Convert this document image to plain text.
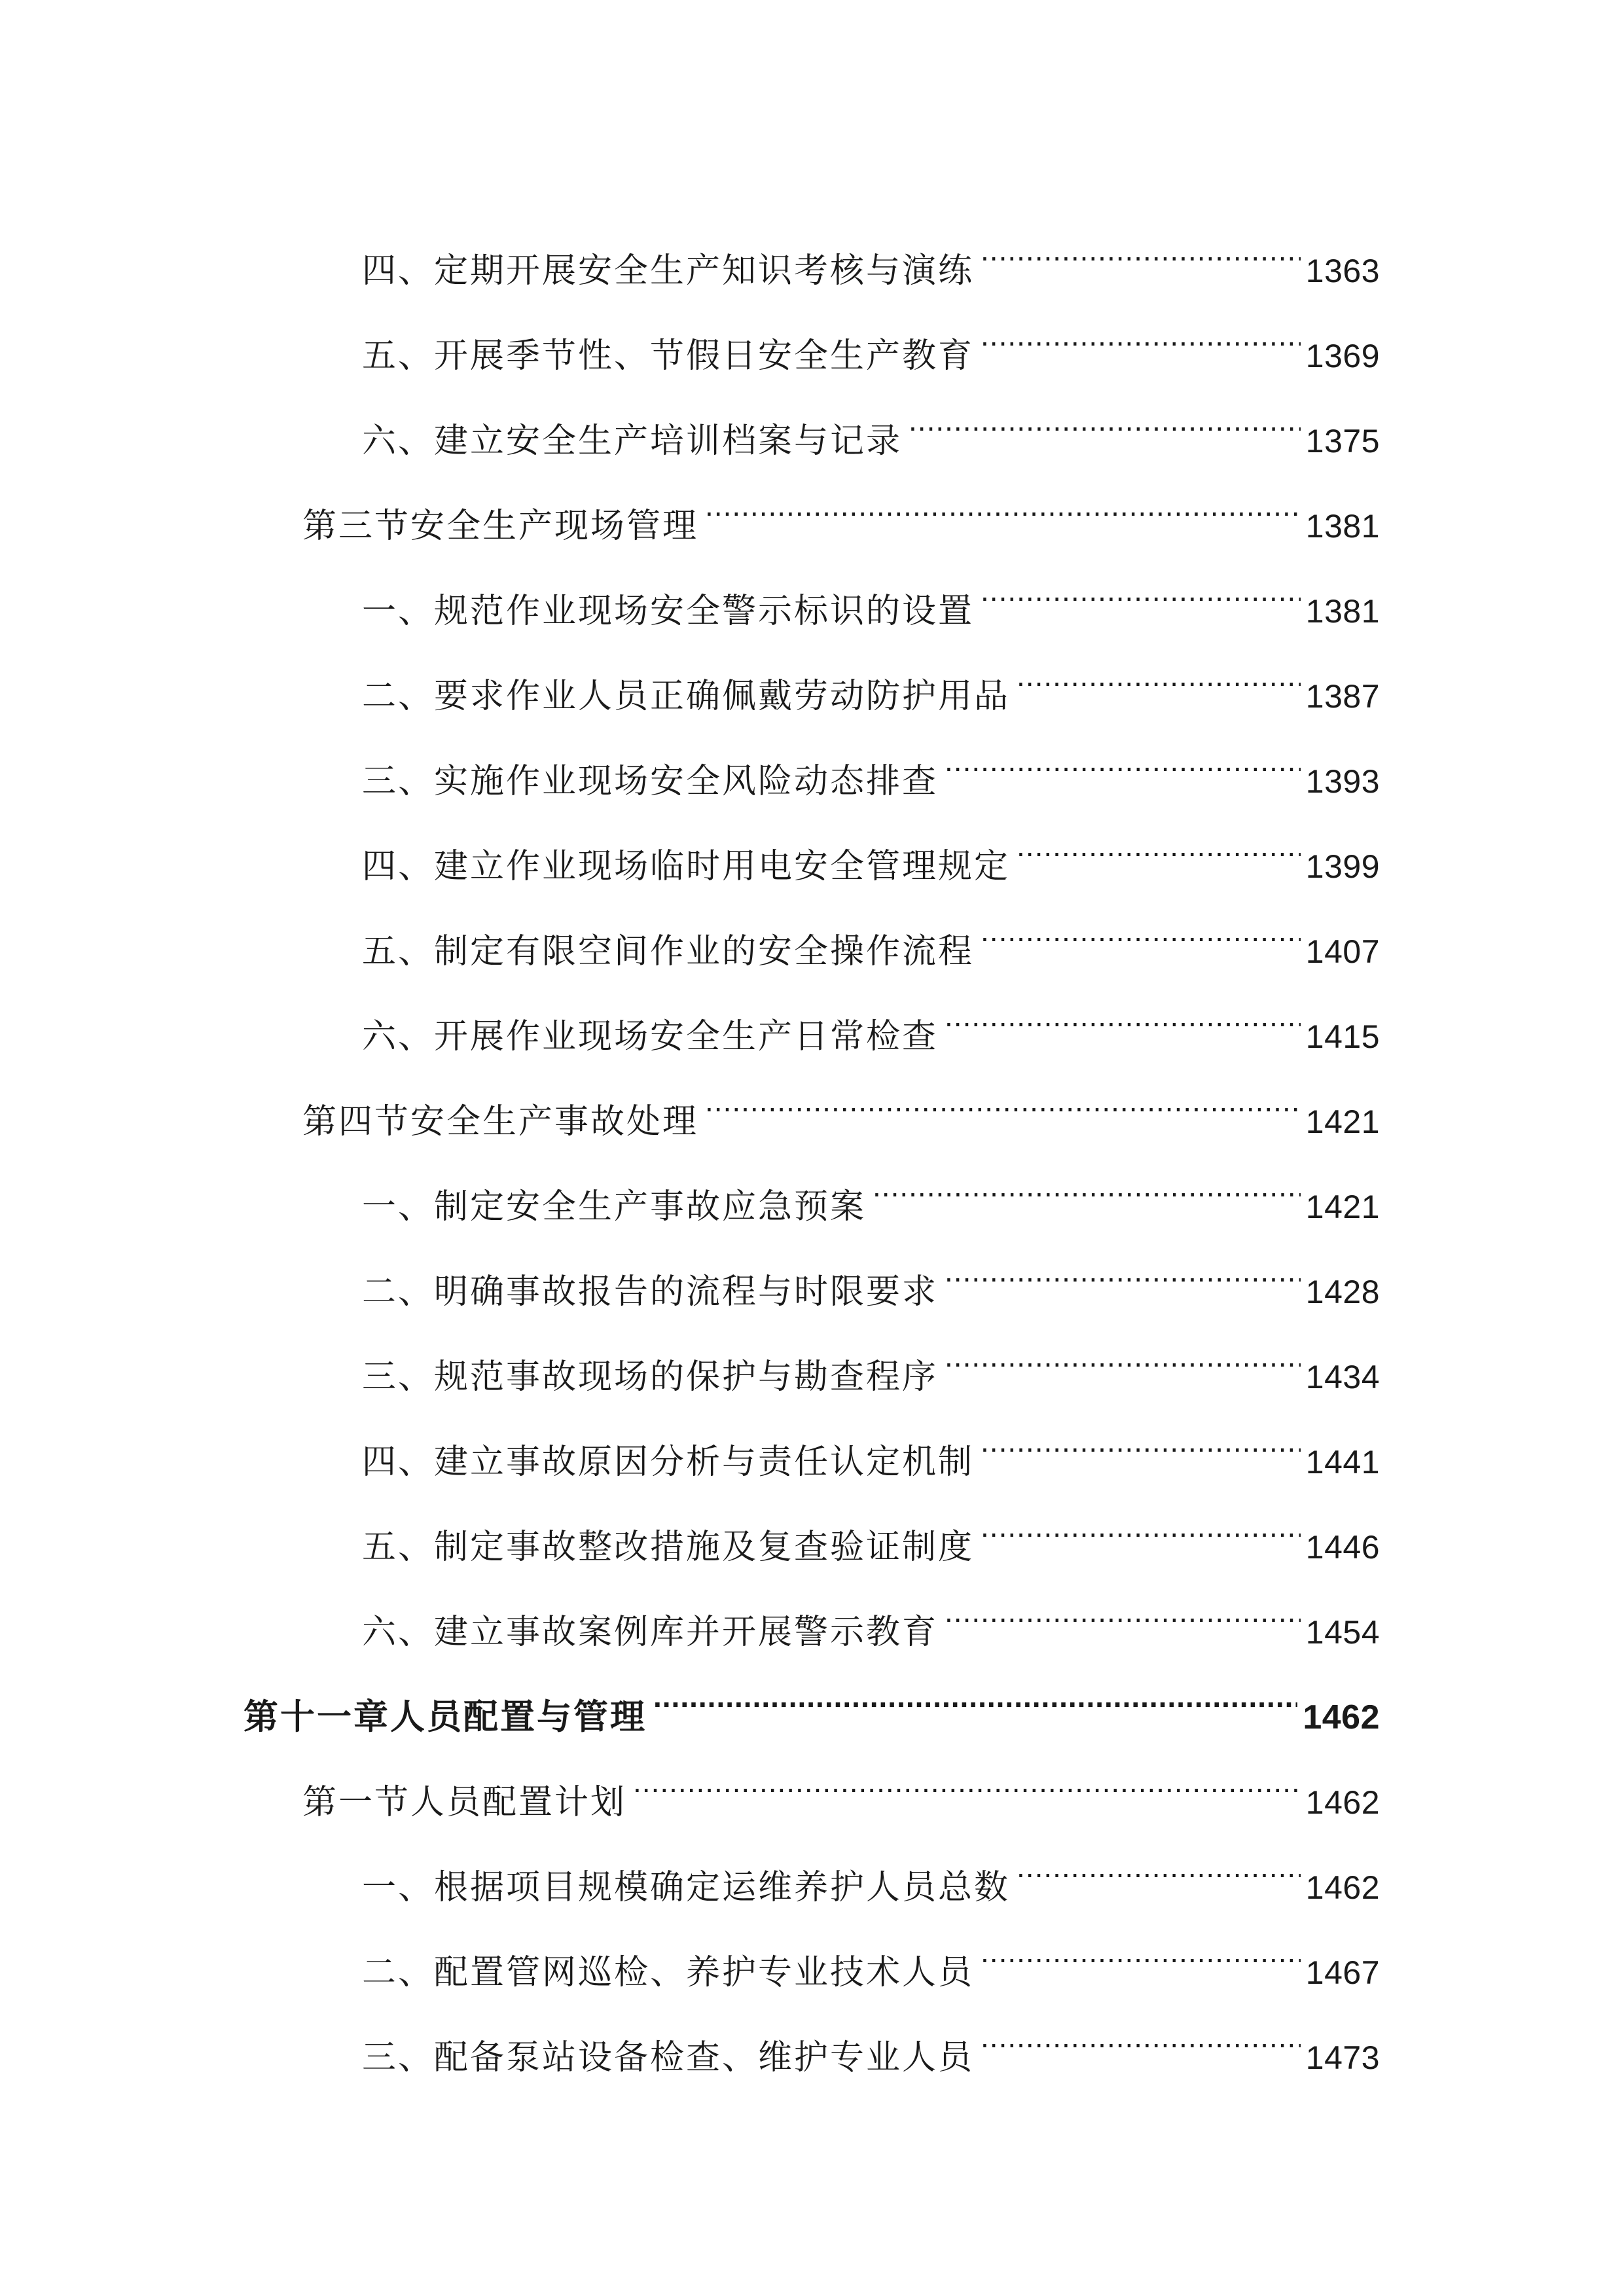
四、定期开展安全生产知识考核与演练 .....	1363
五、开展季节性、节假日安全生产教育 .....	1369
六、建立安全生产培训档案与记录 .....	1375
第三节安全生产现场管理 .....	1381
一、规范作业现场安全警示标识的设置 .....	1381
二、要求作业人员正确佩戴劳动防护用品 .....	1387
三、实施作业现场安全风险动态排查 .....	1393
四、建立作业现场临时用电安全管理规定 .....	1399
五、制定有限空间作业的安全操作流程 .....	1407
六、开展作业现场安全生产日常检查 .....	1415
第四节安全生产事故处理 .....	1421
一、制定安全生产事故应急预案 .....	1421
二、明确事故报告的流程与时限要求 .....	1428
三、规范事故现场的保护与勘查程序 .....	1434
四、建立事故原因分析与责任认定机制 .....	1441
五、制定事故整改措施及复查验证制度 .....	1446
六、建立事故案例库并开展警示教育 .....	1454
第十一章人员配置与管理 .....	1462
第一节人员配置计划 .....	1462
一、根据项目规模确定运维养护人员总数 .....	1462
二、配置管网巡检、养护专业技术人员 .....	1467
三、配备泵站设备检查、维护专业人员 .....	1473
